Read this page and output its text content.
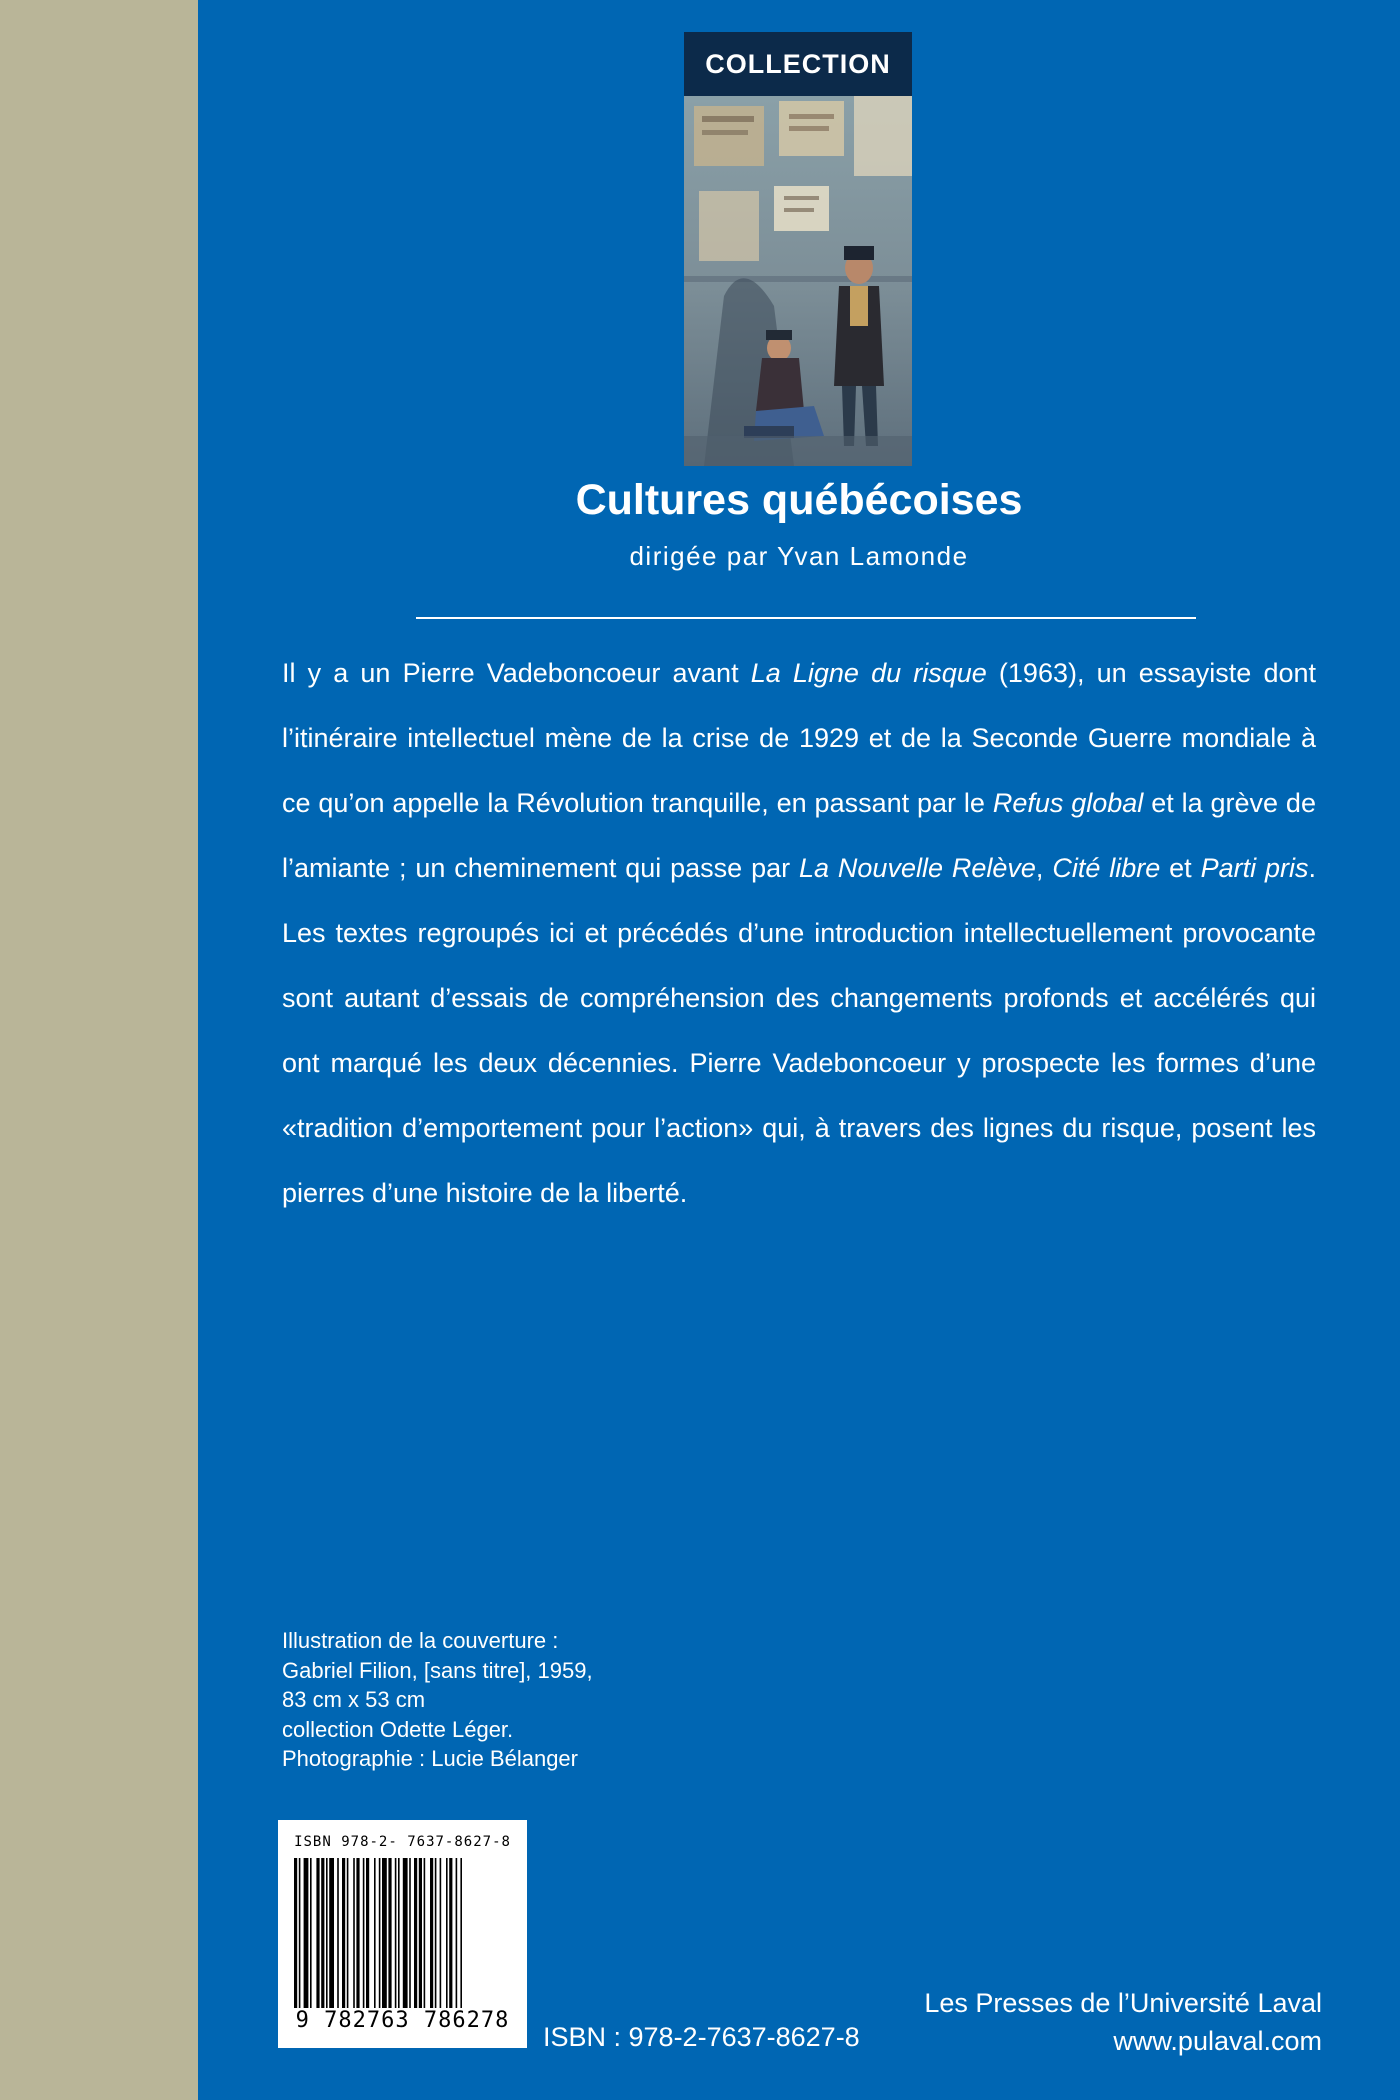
COLLECTION
Cultures québécoises
dirigée par Yvan Lamonde

Il y a un Pierre Vadeboncoeur avant La Ligne du risque (1963), un essayiste dont l’itinéraire intellectuel mène de la crise de 1929 et de la Seconde Guerre mondiale à ce qu’on appelle la Révolution tranquille, en passant par le Refus global et la grève de l’amiante ; un cheminement qui passe par La Nouvelle Relève, Cité libre et Parti pris. Les textes regroupés ici et précédés d’une introduction intellectuellement provocante sont autant d’essais de compréhension des changements profonds et accélérés qui ont marqué les deux décennies. Pierre Vadeboncoeur y prospecte les formes d’une «tradition d’emportement pour l’action» qui, à travers des lignes du risque, posent les pierres d’une histoire de la liberté.

Illustration de la couverture :
Gabriel Filion, [sans titre], 1959,
83 cm x 53 cm
collection Odette Léger.
Photographie : Lucie Bélanger
ISBN 978-2- 7637-8627-8
9 782763 786278
ISBN : 978-2-7637-8627-8
Les Presses de l’Université Laval
www.pulaval.com
